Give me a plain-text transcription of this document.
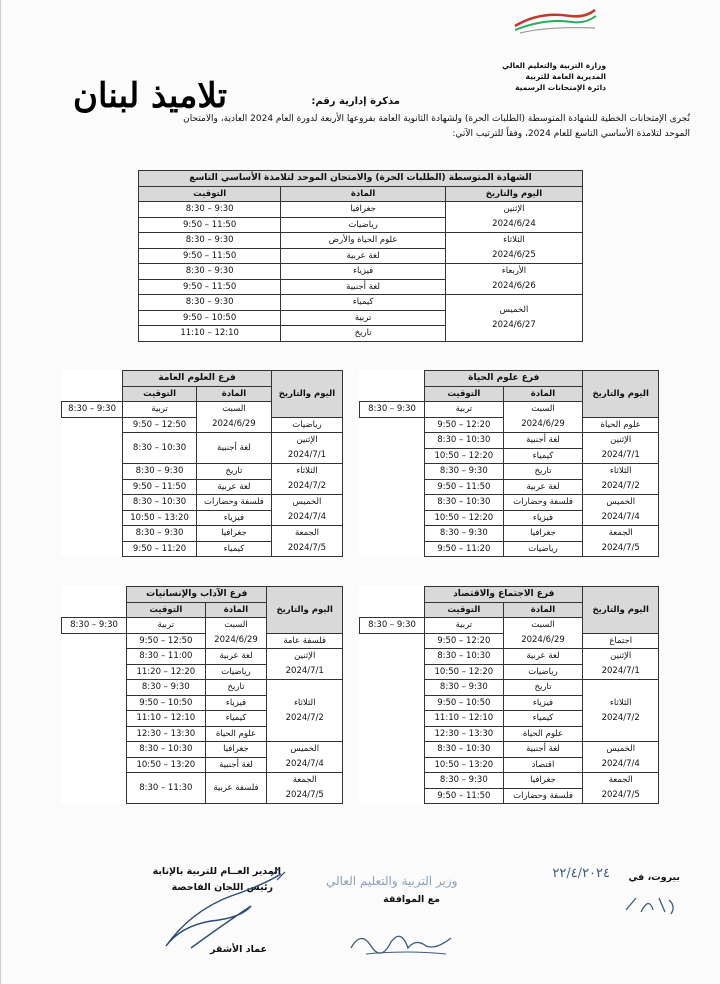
وزارة التربية والتعليم العالي
المديرية العامة للتربية
دائرة الإمتحانات الرسمية
مذكرة إدارية رقم:
تلاميذ لبنان
تُجرى الإمتحانات الخطية للشهادة المتوسطة (الطلبات الحرة) ولشهادة الثانوية العامة بفروعها الأربعة لدورة العام 2024 العادية، والامتحان
الموحد لتلامذة الأساسي التاسع للعام 2024، وفقاً للترتيب الآتي:
الشهادة المتوسطة (الطلبات الحرة) والامتحان الموحد لتلامذة الأساسي التاسع		
اليوم والتاريخ	المادة	التوقيت

الإثنين
2024/6/24	جغرافيا	8:30 – 9:30
	رياضيات	9:50 – 11:50

الثلاثاء
2024/6/25	علوم الحياة والأرض	8:30 – 9:30
	لغة عربية	9:50 – 11:50

الأربعاء
2024/6/26	فيزياء	8:30 – 9:30
	لغة أجنبية	9:50 – 11:50

الخميس
2024/6/27	كيمياء	8:30 – 9:30
	تربية	9:50 – 10:50
	تاريخ	11:10 – 12:10
اليوم والتاريخ	فرع علوم الحياة		
	المادة	التوقيت	

	السبت
2024/6/29	تربية	8:30 – 9:30
علوم الحياة		9:50 – 12:20	

الإثنين
2024/7/1	لغة أجنبية	8:30 – 10:30	
	كيمياء	10:50 – 12:20	

الثلاثاء
2024/7/2	تاريخ	8:30 – 9:30	
	لغة عربية	9:50 – 11:50	

الخميس
2024/7/4	فلسفة وحضارات	8:30 – 10:30	
	فيزياء	10:50 – 12:20	

الجمعة
2024/7/5	جغرافيا	8:30 – 9:30	
	رياضيات	9:50 – 11:20	
اليوم والتاريخ	فرع العلوم العامة		
	المادة	التوقيت	

	السبت
2024/6/29	تربية	8:30 – 9:30
رياضيات		9:50 – 12:50	

الإثنين
2024/7/1	لغة أجنبية	8:30 – 10:30	

الثلاثاء
2024/7/2	تاريخ	8:30 – 9:30	
	لغة عربية	9:50 – 11:50	

الخميس
2024/7/4	فلسفة وحضارات	8:30 – 10:30	
	فيزياء	10:50 – 13:20	

الجمعة
2024/7/5	جغرافيا	8:30 – 9:30	
	كيمياء	9:50 – 11:20	
اليوم والتاريخ	فرع الاجتماع والاقتصاد		
	المادة	التوقيت	

	السبت
2024/6/29	تربية	8:30 – 9:30
اجتماع		9:50 – 12:20	

الإثنين
2024/7/1	لغة عربية	8:30 – 10:30	
	رياضيات	10:50 – 12:20	

الثلاثاء
2024/7/2	تاريخ	8:30 – 9:30	
	فيزياء	9:50 – 10:50	
	كيمياء	11:10 – 12:10	
	علوم الحياة	12:30 – 13:30	

الخميس
2024/7/4	لغة أجنبية	8:30 – 10:30	
	اقتصاد	10:50 – 13:20	

الجمعة
2024/7/5	جغرافيا	8:30 – 9:30	
	فلسفة وحضارات	9:50 – 11:50	
اليوم والتاريخ	فرع الآداب والإنسانيات		
	المادة	التوقيت	

	السبت
2024/6/29	تربية	8:30 – 9:30
فلسفة عامة		9:50 – 12:50	

الإثنين
2024/7/1	لغة عربية	8:30 – 11:00	
	رياضيات	11:20 – 12:20	

الثلاثاء
2024/7/2	تاريخ	8:30 – 9:30	
	فيزياء	9:50 – 10:50	
	كيمياء	11:10 – 12:10	
	علوم الحياة	12:30 – 13:30	

الخميس
2024/7/4	جغرافيا	8:30 – 10:30	
	لغة أجنبية	10:50 – 13:20	

الجمعة
2024/7/5	فلسفة عربية	8:30 – 11:30	
بيروت، في
٢٢/٤/٢٠٢٤
وزير التربية والتعليم العالي
مع الموافقة
المدير العــام للتربية بالإنابة
رئيس اللجان الفاحصة
عماد الأشقر
